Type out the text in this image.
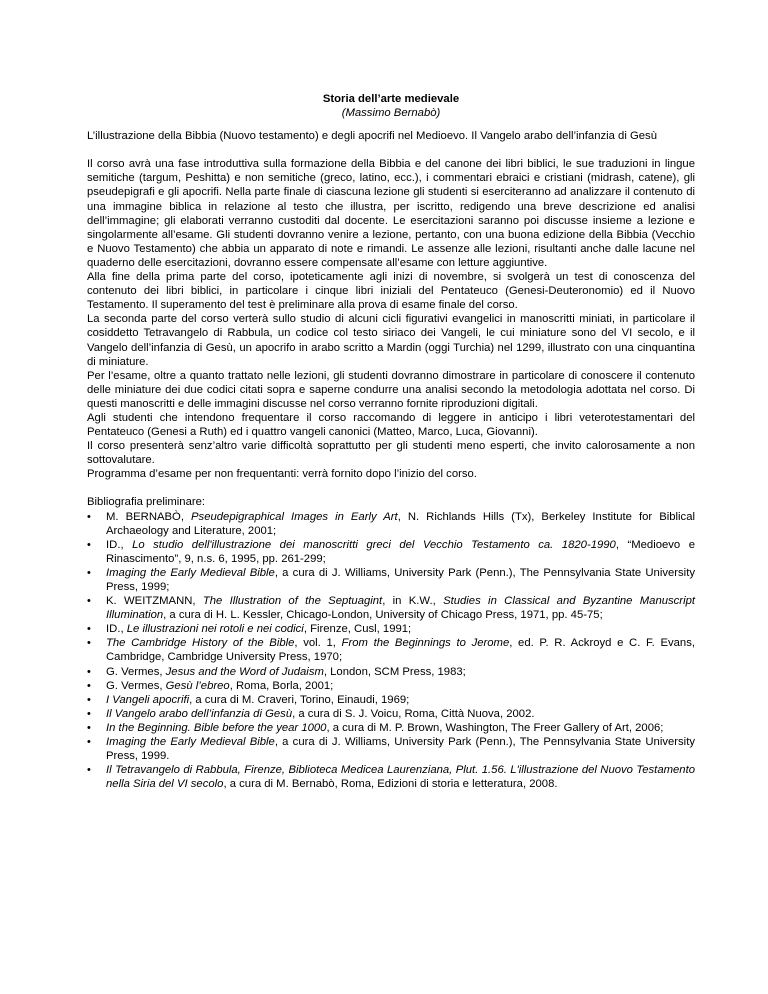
Storia dell’arte medievale
(Massimo Bernabò)
L’illustrazione della Bibbia (Nuovo testamento) e degli apocrifi nel Medioevo. Il Vangelo arabo dell’infanzia di Gesù
Il corso avrà una fase introduttiva sulla formazione della Bibbia e del canone dei libri biblici, le sue traduzioni in lingue semitiche (targum, Peshitta) e non semitiche (greco, latino, ecc.), i commentari ebraici e cristiani (midrash, catene), gli pseudepigrafi e gli apocrifi. Nella parte finale di ciascuna lezione gli studenti si eserciteranno ad analizzare il contenuto di una immagine biblica in relazione al testo che illustra, per iscritto, redigendo una breve descrizione ed analisi dell’immagine; gli elaborati verranno custoditi dal docente. Le esercitazioni saranno poi discusse insieme a lezione e singolarmente all’esame. Gli studenti dovranno venire a lezione, pertanto, con una buona edizione della Bibbia (Vecchio e Nuovo Testamento) che abbia un apparato di note e rimandi. Le assenze alle lezioni, risultanti anche dalle lacune nel quaderno delle esercitazioni, dovranno essere compensate all’esame con letture aggiuntive.
Alla fine della prima parte del corso, ipoteticamente agli inizi di novembre, si svolgerà un test di conoscenza del contenuto dei libri biblici, in particolare i cinque libri iniziali del Pentateuco (Genesi-Deuteronomio) ed il Nuovo Testamento. Il superamento del test è preliminare alla prova di esame finale del corso.
La seconda parte del corso verterà sullo studio di alcuni cicli figurativi evangelici in manoscritti miniati, in particolare il cosiddetto Tetravangelo di Rabbula, un codice col testo siriaco dei Vangeli, le cui miniature sono del VI secolo, e il Vangelo dell’infanzia di Gesù, un apocrifo in arabo scritto a Mardin (oggi Turchia) nel 1299, illustrato con una cinquantina di miniature.
Per l’esame, oltre a quanto trattato nelle lezioni, gli studenti dovranno dimostrare in particolare di conoscere il contenuto delle miniature dei due codici citati sopra e saperne condurre una analisi secondo la metodologia adottata nel corso. Di questi manoscritti e delle immagini discusse nel corso verranno fornite riproduzioni digitali.
Agli studenti che intendono frequentare il corso raccomando di leggere in anticipo i libri veterotestamentari del Pentateuco (Genesi a Ruth) ed i quattro vangeli canonici (Matteo, Marco, Luca, Giovanni).
Il corso presenterà senz’altro varie difficoltà soprattutto per gli studenti meno esperti, che invito calorosamente a non sottovalutare.
Programma d’esame per non frequentanti: verrà fornito dopo l’inizio del corso.
Bibliografia preliminare:
• M. BERNABÒ, Pseudepigraphical Images in Early Art, N. Richlands Hills (Tx), Berkeley Institute for Biblical Archaeology and Literature, 2001;
• ID., Lo studio dell'illustrazione dei manoscritti greci del Vecchio Testamento ca. 1820-1990, “Medioevo e Rinascimento”, 9, n.s. 6, 1995, pp. 261-299;
• Imaging the Early Medieval Bible, a cura di J. Williams, University Park (Penn.), The Pennsylvania State University Press, 1999;
• K. WEITZMANN, The Illustration of the Septuagint, in K.W., Studies in Classical and Byzantine Manuscript Illumination, a cura di H. L. Kessler, Chicago-London, University of Chicago Press, 1971, pp. 45-75;
• ID., Le illustrazioni nei rotoli e nei codici, Firenze, Cusl, 1991;
• The Cambridge History of the Bible, vol. 1, From the Beginnings to Jerome, ed. P. R. Ackroyd e C. F. Evans, Cambridge, Cambridge University Press, 1970;
• G. Vermes, Jesus and the Word of Judaism, London, SCM Press, 1983;
• G. Vermes, Gesù l’ebreo, Roma, Borla, 2001;
• I Vangeli apocrifi, a cura di M. Craveri, Torino, Einaudi, 1969;
• Il Vangelo arabo dell’infanzia di Gesù, a cura di S. J. Voicu, Roma, Città Nuova, 2002.
• In the Beginning. Bible before the year 1000, a cura di M. P. Brown, Washington, The Freer Gallery of Art, 2006;
• Imaging the Early Medieval Bible, a cura di J. Williams, University Park (Penn.), The Pennsylvania State University Press, 1999.
• Il Tetravangelo di Rabbula, Firenze, Biblioteca Medicea Laurenziana, Plut. 1.56. L'illustrazione del Nuovo Testamento nella Siria del VI secolo, a cura di M. Bernabò, Roma, Edizioni di storia e letteratura, 2008.
